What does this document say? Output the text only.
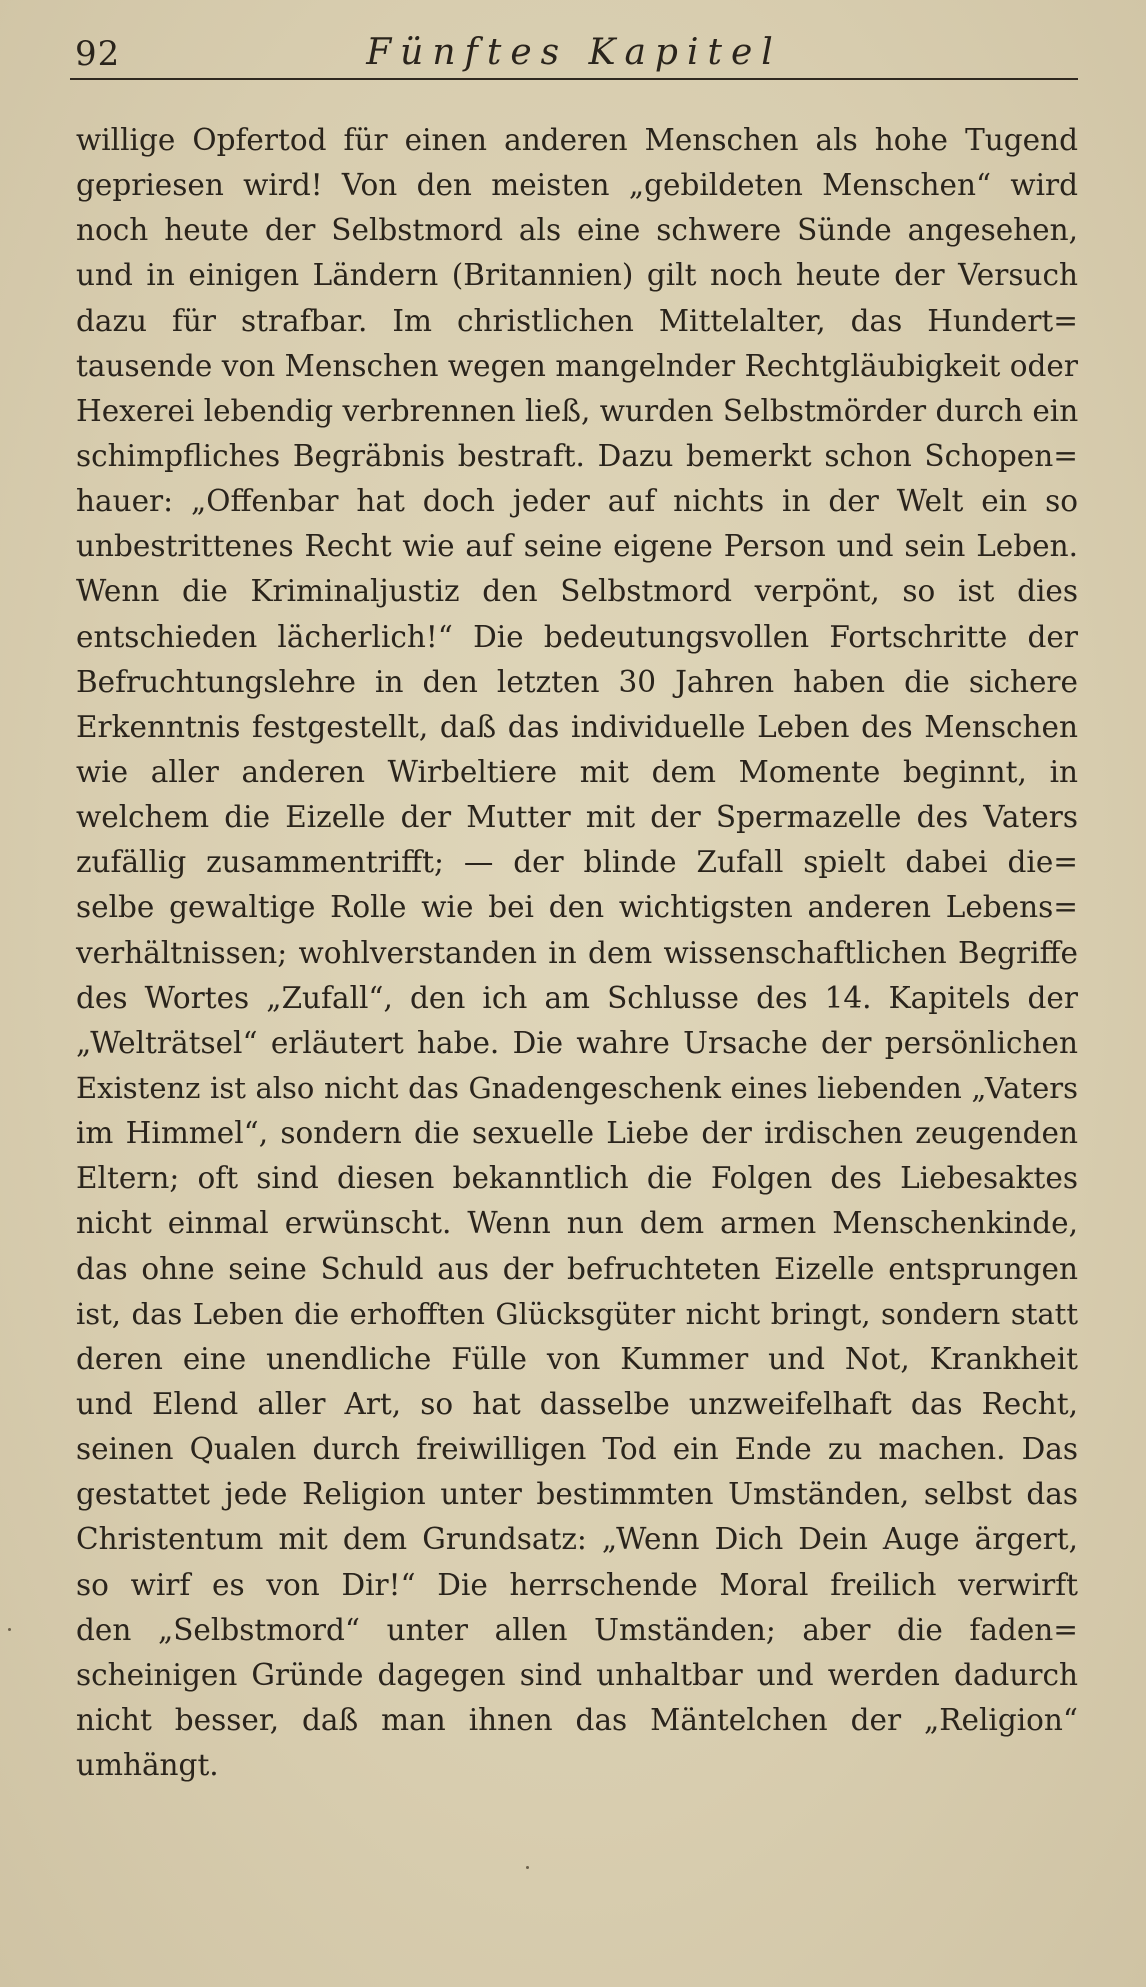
92	Fünftes Kapitel
willige Opfertod für einen anderen Menschen als hohe Tugend
gepriesen wird! Von den meisten „gebildeten Menschen“ wird
noch heute der Selbstmord als eine schwere Sünde angesehen,
und in einigen Ländern (Britannien) gilt noch heute der Versuch
dazu für strafbar. Im christlichen Mittelalter, das Hundert=
tausende von Menschen wegen mangelnder Rechtgläubigkeit oder
Hexerei lebendig verbrennen ließ, wurden Selbstmörder durch ein
schimpfliches Begräbnis bestraft. Dazu bemerkt schon Schopen=
hauer: „Offenbar hat doch jeder auf nichts in der Welt ein so
unbestrittenes Recht wie auf seine eigene Person und sein Leben.
Wenn die Kriminaljustiz den Selbstmord verpönt, so ist dies
entschieden lächerlich!“ Die bedeutungsvollen Fortschritte der
Befruchtungslehre in den letzten 30 Jahren haben die sichere
Erkenntnis festgestellt, daß das individuelle Leben des Menschen
wie aller anderen Wirbeltiere mit dem Momente beginnt, in
welchem die Eizelle der Mutter mit der Spermazelle des Vaters
zufällig zusammentrifft; — der blinde Zufall spielt dabei die=
selbe gewaltige Rolle wie bei den wichtigsten anderen Lebens=
verhältnissen; wohlverstanden in dem wissenschaftlichen Begriffe
des Wortes „Zufall“, den ich am Schlusse des 14. Kapitels der
„Welträtsel“ erläutert habe. Die wahre Ursache der persönlichen
Existenz ist also nicht das Gnadengeschenk eines liebenden „Vaters
im Himmel“, sondern die sexuelle Liebe der irdischen zeugenden
Eltern; oft sind diesen bekanntlich die Folgen des Liebesaktes
nicht einmal erwünscht. Wenn nun dem armen Menschenkinde,
das ohne seine Schuld aus der befruchteten Eizelle entsprungen
ist, das Leben die erhofften Glücksgüter nicht bringt, sondern statt
deren eine unendliche Fülle von Kummer und Not, Krankheit
und Elend aller Art, so hat dasselbe unzweifelhaft das Recht,
seinen Qualen durch freiwilligen Tod ein Ende zu machen. Das
gestattet jede Religion unter bestimmten Umständen, selbst das
Christentum mit dem Grundsatz: „Wenn Dich Dein Auge ärgert,
so wirf es von Dir!“ Die herrschende Moral freilich verwirft
den „Selbstmord“ unter allen Umständen; aber die faden=
scheinigen Gründe dagegen sind unhaltbar und werden dadurch
nicht besser, daß man ihnen das Mäntelchen der „Religion“
umhängt.
